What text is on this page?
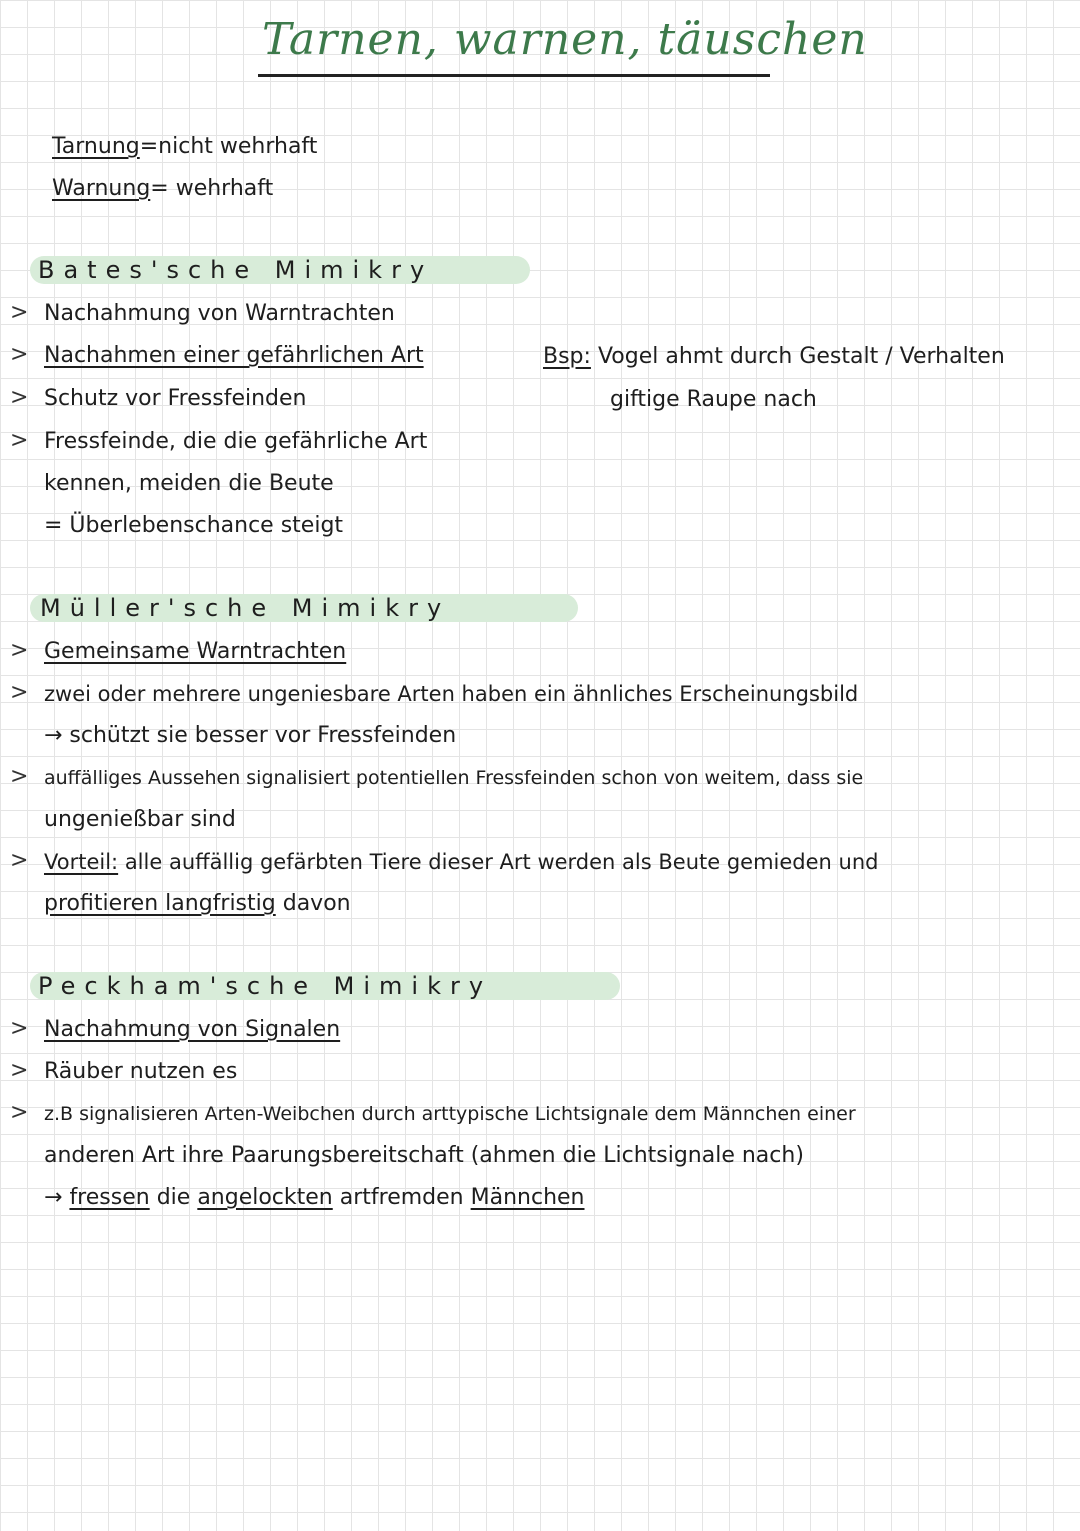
Tarnen, warnen, täuschen
Tarnung=nicht wehrhaft
Warnung= wehrhaft
Bates'sche Mimikry
> Nachahmung von Warntrachten
> Nachahmen einer gefährlichen Art
> Schutz vor Fressfeinden
> Fressfeinde, die die gefährliche Art
kennen, meiden die Beute
= Überlebenschance steigt
Bsp: Vogel ahmt durch Gestalt / Verhalten
giftige Raupe nach
Müller'sche Mimikry
> Gemeinsame Warntrachten
> zwei oder mehrere ungeniesbare Arten haben ein ähnliches Erscheinungsbild
→ schützt sie besser vor Fressfeinden
> auffälliges Aussehen signalisiert potentiellen Fressfeinden schon von weitem, dass sie
ungenießbar sind
> Vorteil: alle auffällig gefärbten Tiere dieser Art werden als Beute gemieden und
profitieren langfristig davon
Peckham'sche Mimikry
> Nachahmung von Signalen
> Räuber nutzen es
> z.B signalisieren Arten-Weibchen durch arttypische Lichtsignale dem Männchen einer
anderen Art ihre Paarungsbereitschaft (ahmen die Lichtsignale nach)
→ fressen die angelockten artfremden Männchen
